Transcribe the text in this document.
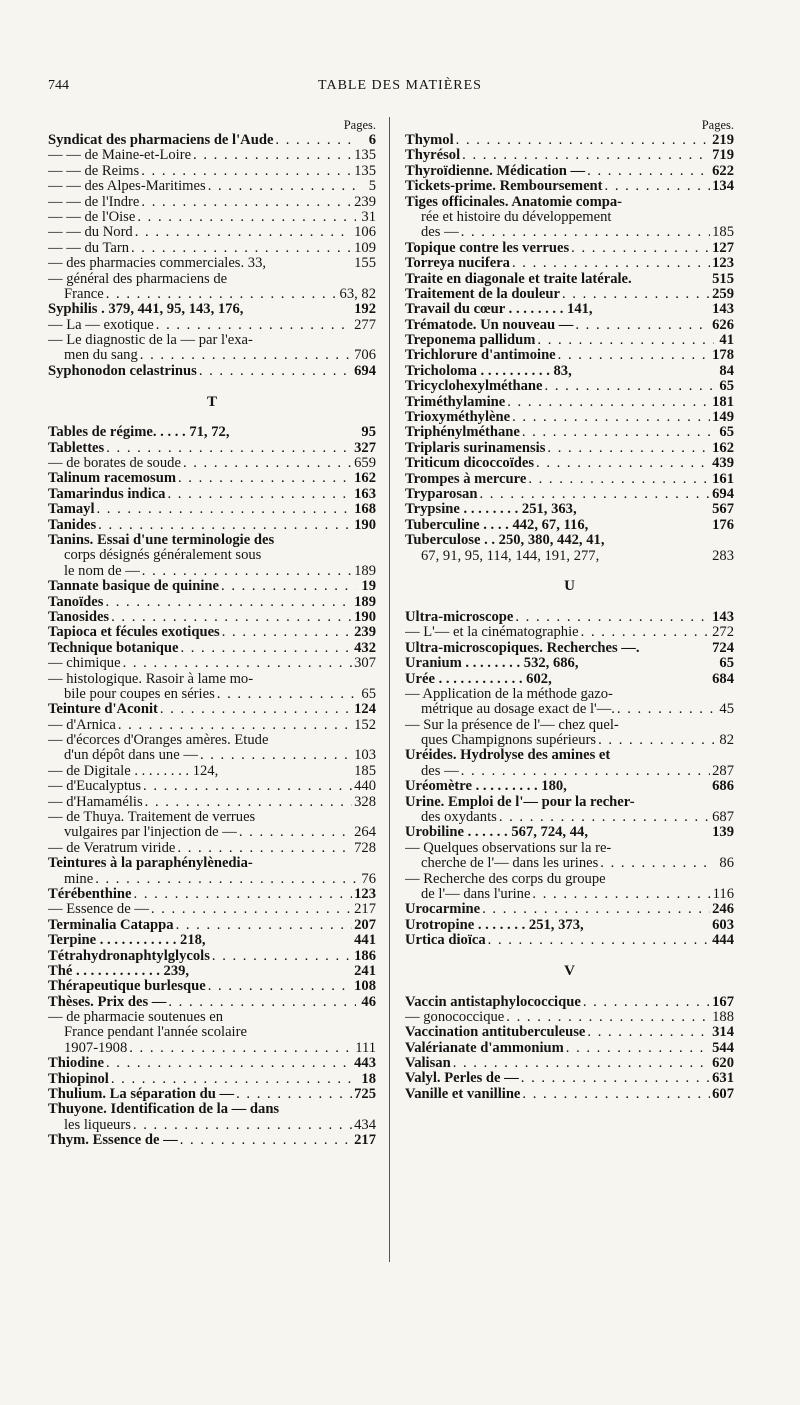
744	TABLE DES MATIÈRES
Pages.
Syndicat des pharmaciens de l'Aude . . .	6
— — de Maine-et-Loire . . .	135
— — de Reims . . .	135
— — des Alpes-Maritimes . . .	5
— — de l'Indre . . .	239
— — de l'Oise . . .	31
— — du Nord . . .	106
— — du Tarn . . .	109
— des pharmacies commerciales. 33,	155
— général des pharmaciens de
France . . .	63, 82
Syphilis . 379, 441, 95, 143, 176,	192
— La — exotique . . .	277
— Le diagnostic de la — par l'exa-
men du sang . . .	706
Syphonodon celastrinus . . .	694
T
Tables de régime. . . . . 71, 72,	95
Tablettes . . .	327
— de borates de soude . . .	659
Talinum racemosum . . .	162
Tamarindus indica . . .	163
Tamayl . . .	168
Tanides . . .	190
Tanins. Essai d'une terminologie des
corps désignés généralement sous
le nom de — . . .	189
Tannate basique de quinine . . .	19
Tanoïdes . . .	189
Tanosides . . .	190
Tapioca et fécules exotiques . . .	239
Technique botanique . . .	432
— chimique . . .	307
— histologique. Rasoir à lame mo-
bile pour coupes en séries . . .	65
Teinture d'Aconit . . .	124
— d'Arnica . . .	152
— d'écorces d'Oranges amères. Etude
d'un dépôt dans une — . . .	103
— de Digitale . . . . . . . . 124,	185
— d'Eucalyptus . . .	440
— d'Hamamélis . . .	328
— de Thuya. Traitement de verrues
vulgaires par l'injection de — . . .	264
— de Veratrum viride . . .	728
Teintures à la paraphénylènedia-
mine . . .	76
Térébenthine . . .	123
— Essence de — . . .	217
Terminalia Catappa . . .	207
Terpine . . . . . . . . . . . 218,	441
Tétrahydronaphtylglycols . . .	186
Thé . . . . . . . . . . . . 239,	241
Thérapeutique burlesque . . .	108
Thèses. Prix des — . . .	46
— de pharmacie soutenues en
France pendant l'année scolaire
1907-1908 . . .	111
Thiodine . . .	443
Thiopinol . . .	18
Thulium. La séparation du — . . .	725
Thuyone. Identification de la — dans
les liqueurs . . .	434
Thym. Essence de — . . .	217
Pages.
Thymol . . .	219
Thyrésol . . .	719
Thyroïdienne. Médication — . . .	622
Tickets-prime. Remboursement . . .	134
Tiges officinales. Anatomie compa-
rée et histoire du développement
des — . . .	185
Topique contre les verrues . . .	127
Torreya nucifera . . .	123
Traite en diagonale et traite latérale.	515
Traitement de la douleur . . .	259
Travail du cœur . . . . . . . . 141,	143
Trématode. Un nouveau — . . .	626
Treponema pallidum . . .	41
Trichlorure d'antimoine . . .	178
Tricholoma . . . . . . . . . . 83,	84
Tricyclohexylméthane . . .	65
Triméthylamine . . .	181
Trioxyméthylène . . .	149
Triphénylméthane . . .	65
Triplaris surinamensis . . .	162
Triticum dicoccoïdes . . .	439
Trompes à mercure . . .	161
Tryparosan . . .	694
Trypsine . . . . . . . . 251, 363,	567
Tuberculine . . . . 442, 67, 116,	176
Tuberculose . . 250, 380, 442, 41,
67, 91, 95, 114, 144, 191, 277,	283
U
Ultra-microscope . . .	143
— L'— et la cinématographie . . .	272
Ultra-microscopiques. Recherches —.	724
Uranium . . . . . . . . 532, 686,	65
Urée . . . . . . . . . . . . 602,	684
— Application de la méthode gazo-
métrique au dosage exact de l'—. . . .	45
— Sur la présence de l'— chez quel-
ques Champignons supérieurs . . .	82
Uréides. Hydrolyse des amines et
des — . . .	287
Uréomètre . . . . . . . . . 180,	686
Urine. Emploi de l'— pour la recher-
des oxydants . . .	687
Urobiline . . . . . . 567, 724, 44,	139
— Quelques observations sur la re-
cherche de l'— dans les urines . . .	86
— Recherche des corps du groupe
de l'— dans l'urine . . .	116
Urocarmine . . .	246
Urotropine . . . . . . . 251, 373,	603
Urtica dioïca . . .	444
V
Vaccin antistaphylococcique . . .	167
— gonococcique . . .	188
Vaccination antituberculeuse . . .	314
Valérianate d'ammonium . . .	544
Valisan . . .	620
Valyl. Perles de — . . .	631
Vanille et vanilline . . .	607
